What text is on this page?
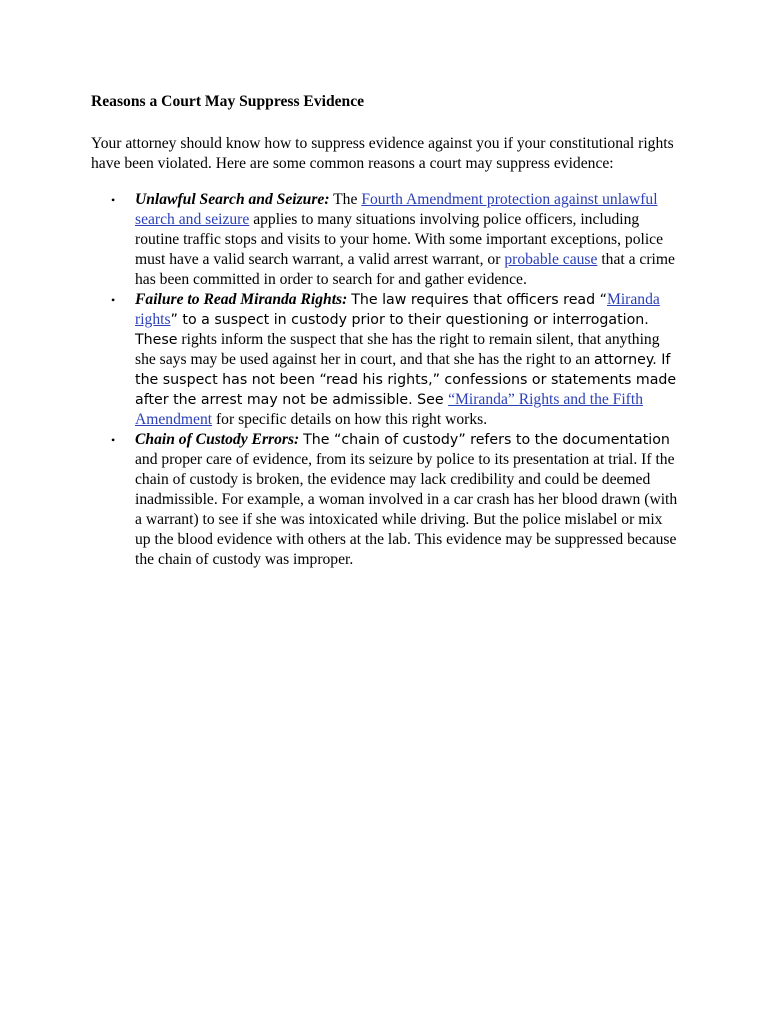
Reasons a Court May Suppress Evidence

Your attorney should know how to suppress evidence against you if your constitutional rights have been violated. Here are some common reasons a court may suppress evidence:

• Unlawful Search and Seizure: The Fourth Amendment protection against unlawful search and seizure applies to many situations involving police officers, including routine traffic stops and visits to your home. With some important exceptions, police must have a valid search warrant, a valid arrest warrant, or probable cause that a crime has been committed in order to search for and gather evidence.
• Failure to Read Miranda Rights: The law requires that officers read “Miranda rights” to a suspect in custody prior to their questioning or interrogation. These rights inform the suspect that she has the right to remain silent, that anything she says may be used against her in court, and that she has the right to an attorney. If the suspect has not been “read his rights,” confessions or statements made after the arrest may not be admissible. See “Miranda” Rights and the Fifth Amendment for specific details on how this right works.
• Chain of Custody Errors: The “chain of custody” refers to the documentation and proper care of evidence, from its seizure by police to its presentation at trial. If the chain of custody is broken, the evidence may lack credibility and could be deemed inadmissible. For example, a woman involved in a car crash has her blood drawn (with a warrant) to see if she was intoxicated while driving. But the police mislabel or mix up the blood evidence with others at the lab. This evidence may be suppressed because the chain of custody was improper.
